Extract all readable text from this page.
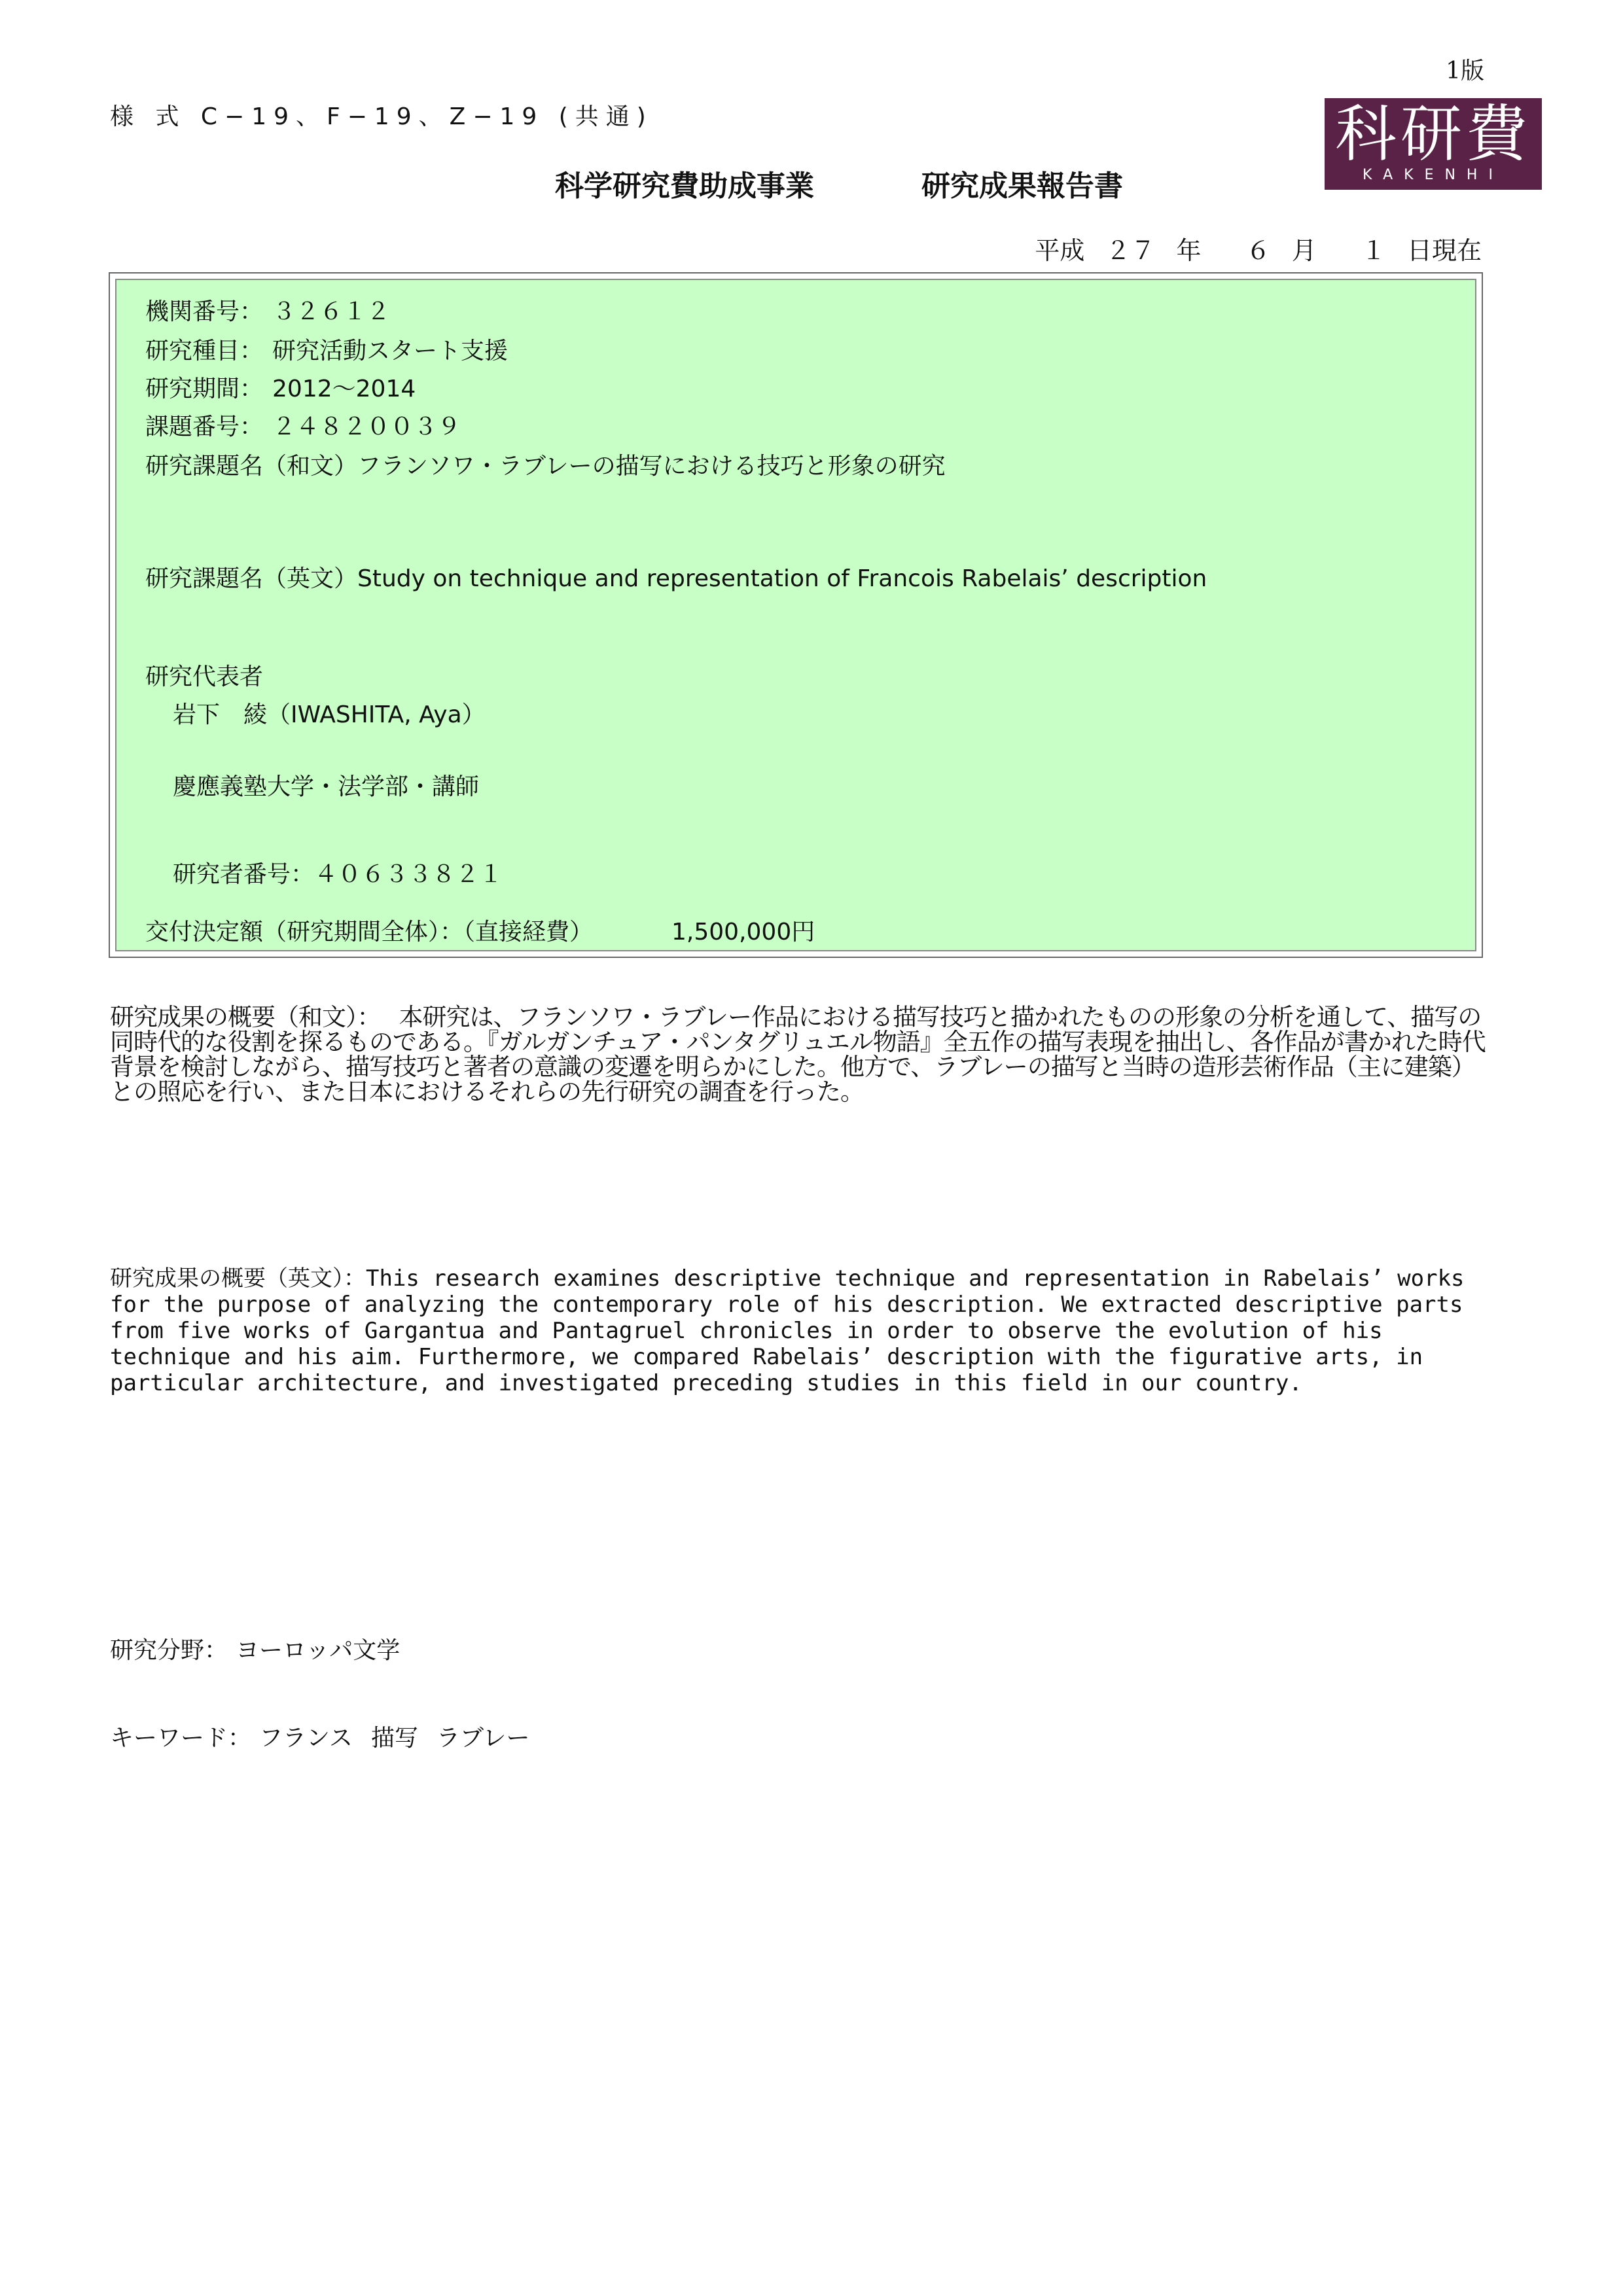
1版
様 式 C−19、F−19、Z−19 (共通)	科研費
KAKENHI
科学研究費助成事業	研究成果報告書
平成 ２７ 年 ６ 月 １ 日現在
機関番号： ３２６１２
研究種目： 研究活動スタート支援
研究期間： 2012～2014
課題番号： ２４８２００３９
研究課題名（和文）フランソワ・ラブレーの描写における技巧と形象の研究
研究課題名（英文）Study on technique and representation of Francois Rabelais’ description
研究代表者
岩下　綾（IWASHITA, Aya）
慶應義塾大学・法学部・講師
研究者番号：４０６３３８２１
交付決定額（研究期間全体）：（直接経費）	1,500,000円
研究成果の概要（和文）： 本研究は、フランソワ・ラブレー作品における描写技巧と描かれたものの形象の分析を通して、描写の同時代的な役割を探るものである。『ガルガンチュア・パンタグリュエル物語』全五作の描写表現を抽出し、各作品が書かれた時代背景を検討しながら、描写技巧と著者の意識の変遷を明らかにした。他方で、ラブレーの描写と当時の造形芸術作品（主に建築）との照応を行い、また日本におけるそれらの先行研究の調査を行った。
研究成果の概要（英文）：This research examines descriptive technique and representation in Rabelais’ works for the purpose of analyzing the contemporary role of his description. We extracted descriptive parts from five works of Gargantua and Pantagruel chronicles in order to observe the evolution of his technique and his aim. Furthermore, we compared Rabelais’ description with the figurative arts, in particular architecture, and investigated preceding studies in this field in our country.
研究分野： ヨーロッパ文学
キーワード： フランス 描写 ラブレー
